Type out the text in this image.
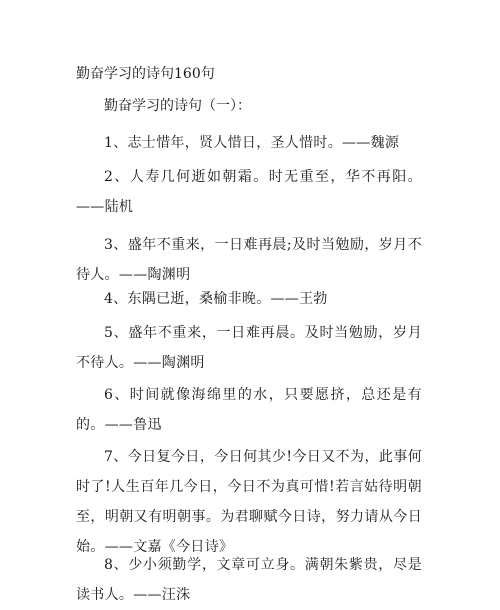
勤奋学习的诗句160句
勤奋学习的诗句（一）：
1、志士惜年，贤人惜日，圣人惜时。——魏源
2、人寿几何逝如朝霜。时无重至，华不再阳。——陆机
3、盛年不重来，一日难再晨;及时当勉励，岁月不待人。——陶渊明
4、东隅已逝，桑榆非晚。——王勃
5、盛年不重来，一日难再晨。及时当勉励，岁月不待人。——陶渊明
6、时间就像海绵里的水，只要愿挤，总还是有的。——鲁迅
7、今日复今日，今日何其少!今日又不为，此事何时了!人生百年几今日，今日不为真可惜!若言姑待明朝至，明朝又有明朝事。为君聊赋今日诗，努力请从今日始。——文嘉《今日诗》
8、少小须勤学，文章可立身。满朝朱紫贵，尽是读书人。——汪洙
